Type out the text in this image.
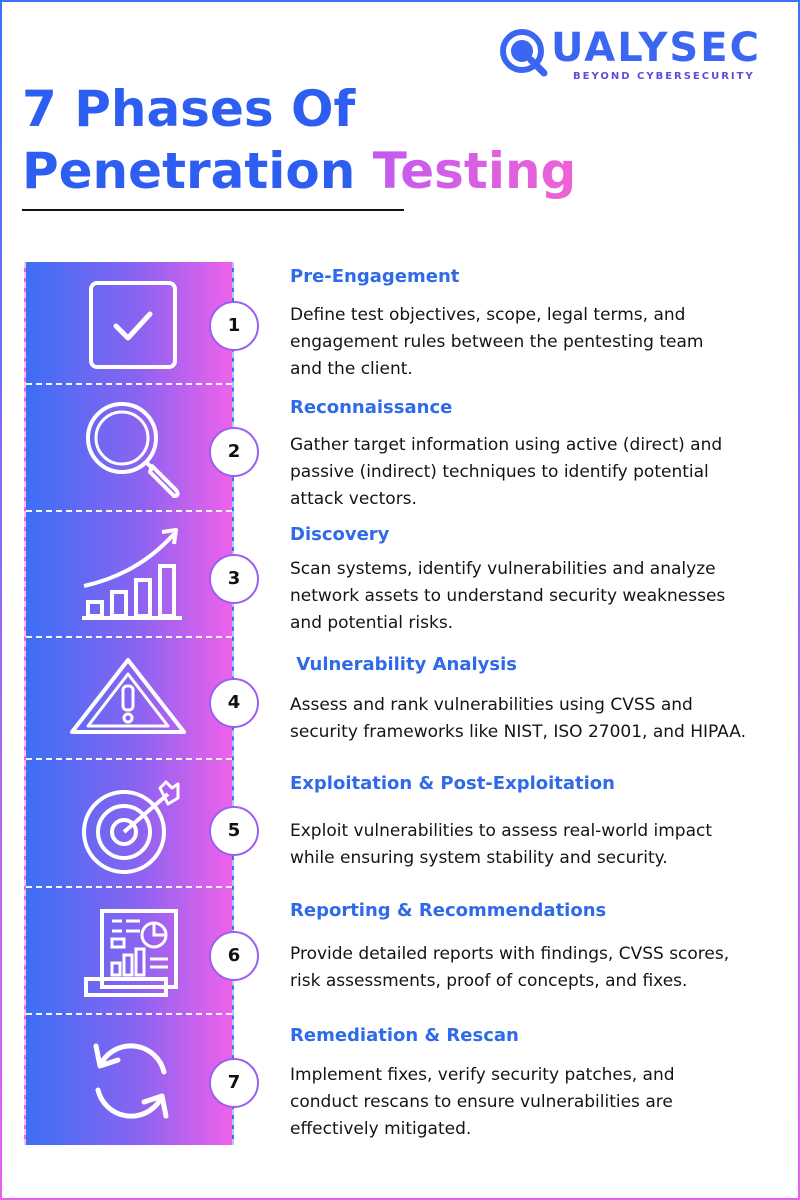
UALYSEC
BEYOND CYBERSECURITY
7 Phases Of
Penetration Testing
1
2
3
4
5
6
7
Pre-Engagement
Reconnaissance
Discovery
Vulnerability Analysis
Exploitation & Post-Exploitation
Reporting & Recommendations
Remediation & Rescan
Define test objectives, scope, legal terms, and
engagement rules between the pentesting team
and the client.
Gather target information using active (direct) and
passive (indirect) techniques to identify potential
attack vectors.
Scan systems, identify vulnerabilities and analyze
network assets to understand security weaknesses
and potential risks.
Assess and rank vulnerabilities using CVSS and
security frameworks like NIST, ISO 27001, and HIPAA.
Exploit vulnerabilities to assess real-world impact
while ensuring system stability and security.
Provide detailed reports with findings, CVSS scores,
risk assessments, proof of concepts, and fixes.
Implement fixes, verify security patches, and
conduct rescans to ensure vulnerabilities are
effectively mitigated.
